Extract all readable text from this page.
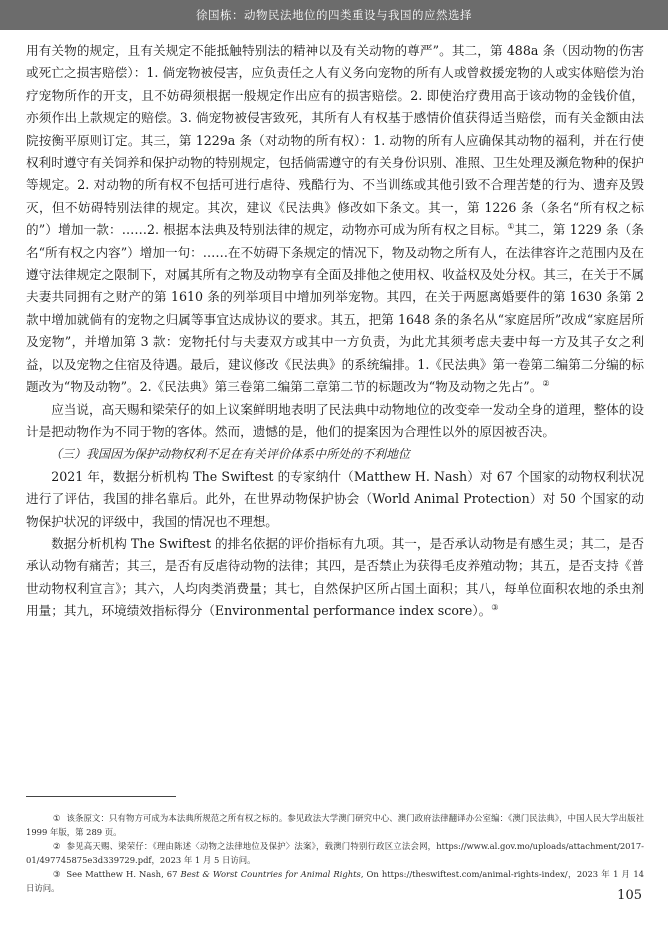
徐国栋：动物民法地位的四类重设与我国的应然选择

用有关物的规定，且有关规定不能抵触特别法的精神以及有关动物的尊严”。其二，第 488a 条（因动物的伤害或死亡之损害赔偿）：1. 倘宠物被侵害，应负责任之人有义务向宠物的所有人或曾救援宠物的人或实体赔偿为治疗宠物所作的开支，且不妨碍须根据一般规定作出应有的损害赔偿。2. 即使治疗费用高于该动物的金钱价值，亦须作出上款规定的赔偿。3. 倘宠物被侵害致死，其所有人有权基于感情价值获得适当赔偿，而有关金额由法院按衡平原则订定。其三，第 1229a 条（对动物的所有权）：1. 动物的所有人应确保其动物的福利，并在行使权利时遵守有关饲养和保护动物的特别规定，包括倘需遵守的有关身份识别、准照、卫生处理及濒危物种的保护等规定。2. 对动物的所有权不包括可进行虐待、残酷行为、不当训练或其他引致不合理苦楚的行为、遗弃及毁灭，但不妨碍特别法律的规定。其次，建议《民法典》修改如下条文。其一，第 1226 条（条名“所有权之标的”）增加一款：……2. 根据本法典及特别法律的规定，动物亦可成为所有权之目标。①其二，第 1229 条（条名“所有权之内容”）增加一句：……在不妨碍下条规定的情况下，物及动物之所有人，在法律容许之范围内及在遵守法律规定之限制下，对属其所有之物及动物享有全面及排他之使用权、收益权及处分权。其三，在关于不属夫妻共同拥有之财产的第 1610 条的列举项目中增加列举宠物。其四，在关于两愿离婚要件的第 1630 条第 2 款中增加就倘有的宠物之归属等事宜达成协议的要求。其五，把第 1648 条的条名从“家庭居所”改成“家庭居所及宠物”，并增加第 3 款：宠物托付与夫妻双方或其中一方负责，为此尤其须考虑夫妻中每一方及其子女之利益，以及宠物之住宿及待遇。最后，建议修改《民法典》的系统编排。1.《民法典》第一卷第二编第二分编的标题改为“物及动物”。2.《民法典》第三卷第二编第二章第二节的标题改为“物及动物之先占”。②

应当说，高天赐和梁荣仔的如上议案鲜明地表明了民法典中动物地位的改变牵一发动全身的道理，整体的设计是把动物作为不同于物的客体。然而，遗憾的是，他们的提案因为合理性以外的原因被否决。

（三）我国因为保护动物权利不足在有关评价体系中所处的不利地位

2021 年，数据分析机构 The Swiftest 的专家纳什（Matthew H. Nash）对 67 个国家的动物权利状况进行了评估，我国的排名靠后。此外，在世界动物保护协会（World Animal Protection）对 50 个国家的动物保护状况的评级中，我国的情况也不理想。

数据分析机构 The Swiftest 的排名依据的评价指标有九项。其一，是否承认动物是有感生灵；其二，是否承认动物有痛苦；其三，是否有反虐待动物的法律；其四，是否禁止为获得毛皮养殖动物；其五，是否支持《普世动物权利宣言》；其六，人均肉类消费量；其七，自然保护区所占国土面积；其八，每单位面积农地的杀虫剂用量；其九，环境绩效指标得分（Environmental performance index score）。③

① 该条原文：只有物方可成为本法典所规范之所有权之标的。参见政法大学澳门研究中心、澳门政府法律翻译办公室编：《澳门民法典》，中国人民大学出版社 1999 年版，第 289 页。

② 参见高天赐、梁荣仔：《理由陈述〈动物之法律地位及保护〉法案》，载澳门特别行政区立法会网，https://www.al.gov.mo/uploads/attachment/2017-01/497745875e3d339729.pdf，2023 年 1 月 5 日访问。

③ See Matthew H. Nash, 67 Best & Worst Countries for Animal Rights, On https://theswiftest.com/animal-rights-index/，2023 年 1 月 14 日访问。

105
